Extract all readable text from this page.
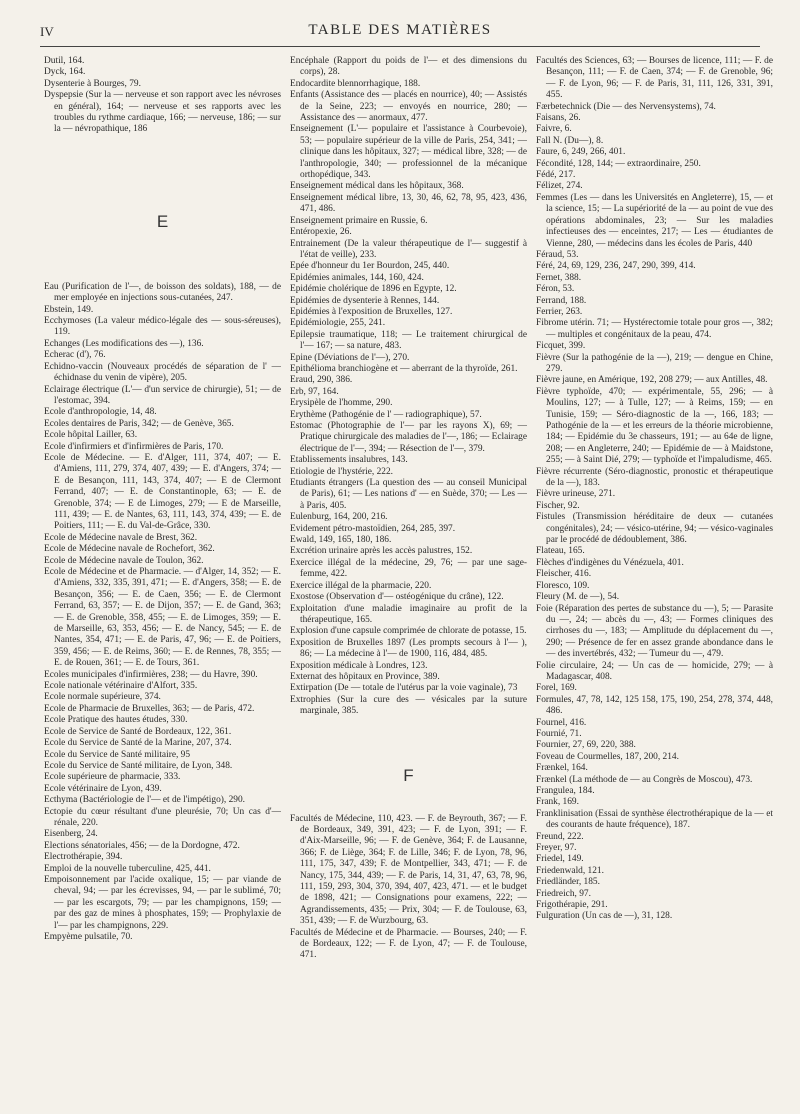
IV	TABLE DES MATIÈRES

Dutil, 164.

Dyck, 164.

Dysenterie à Bourges, 79.

Dyspepsie (Sur la — nerveuse et son rapport avec les névroses en général), 164; — nerveuse et ses rapports avec les troubles du rythme cardiaque, 166; — nerveuse, 186; — sur la — névropathique, 186

E

Eau (Purification de l'—, de boisson des soldats), 188, — de mer employée en injections sous-cutanées, 247.

Ebstein, 149.

Ecchymoses (La valeur médico-légale des — sous-séreuses), 119.

Echanges (Les modifications des —), 136.

Echerac (d'), 76.

Echidno-vaccin (Nouveaux procédés de séparation de l' — échidnase du venin de vipère), 205.

Eclairage électrique (L'— d'un service de chirurgie), 51; — de l'estomac, 394.

Ecole d'anthropologie, 14, 48.

Ecoles dentaires de Paris, 342; — de Genève, 365.

Ecole hôpital Lailler, 63.

Ecole d'infirmiers et d'infirmières de Paris, 170.

Ecole de Médecine. — E. d'Alger, 111, 374, 407; — E. d'Amiens, 111, 279, 374, 407, 439; — E. d'Angers, 374; — E de Besançon, 111, 143, 374, 407; — E de Clermont Ferrand, 407; — E. de Constantinople, 63; — E. de Grenoble, 374; — E de Limoges, 279; — E de Marseille, 111, 439; — E. de Nantes, 63, 111, 143, 374, 439; — E. de Poitiers, 111; — E. du Val-de-Grâce, 330.

Ecole de Médecine navale de Brest, 362.

Ecole de Médecine navale de Rochefort, 362.

Ecole de Médecine navale de Toulon, 362.

Ecole de Médecine et de Pharmacie. — d'Alger, 14, 352; — E. d'Amiens, 332, 335, 391, 471; — E. d'Angers, 358; — E. de Besançon, 356; — E. de Caen, 356; — E. de Clermont Ferrand, 63, 357; — E. de Dijon, 357; — E. de Gand, 363; — E. de Grenoble, 358, 455; — E. de Limoges, 359; — E. de Marseille, 63, 353, 456; — E. de Nancy, 545; — E. de Nantes, 354, 471; — E. de Paris, 47, 96; — E. de Poitiers, 359, 456; — E. de Reims, 360; — E. de Rennes, 78, 355; — E. de Rouen, 361; — E. de Tours, 361.

Ecoles municipales d'infirmières, 238; — du Havre, 390.

Ecole nationale vétérinaire d'Alfort, 335.

Ecole normale supérieure, 374.

Ecole de Pharmacie de Bruxelles, 363; — de Paris, 472.

Ecole Pratique des hautes études, 330.

Ecole de Service de Santé de Bordeaux, 122, 361.

Ecole du Service de Santé de la Marine, 207, 374.

Ecole du Service de Santé militaire, 95

Ecole du Service de Santé militaire, de Lyon, 348.

Ecole supérieure de pharmacie, 333.

Ecole vétérinaire de Lyon, 439.

Ecthyma (Bactériologie de l'— et de l'impétigo), 290.

Ectopie du cœur résultant d'une pleurésie, 70; Un cas d'— rénale, 220.

Eisenberg, 24.

Elections sénatoriales, 456; — de la Dordogne, 472.

Electrothérapie, 394.

Emploi de la nouvelle tuberculine, 425, 441.

Empoisonnement par l'acide oxalique, 15; — par viande de cheval, 94; — par les écrevisses, 94, — par le sublimé, 70; — par les escargots, 79; — par les champignons, 159; — par des gaz de mines à phosphates, 159; — Prophylaxie de l'— par les champignons, 229.

Empyème pulsatile, 70.

Encéphale (Rapport du poids de l'— et des dimensions du corps), 28.

Endocardite blennorrhagique, 188.

Enfants (Assistance des — placés en nourrice), 40; — Assistés de la Seine, 223; — envoyés en nourrice, 280; — Assistance des — anormaux, 477.

Enseignement (L'— populaire et l'assistance à Courbevoie), 53; — populaire supérieur de la ville de Paris, 254, 341; — clinique dans les hôpitaux, 327; — médical libre, 328; — de l'anthropologie, 340; — professionnel de la mécanique orthopédique, 343.

Enseignement médical dans les hôpitaux, 368.

Enseignement médical libre, 13, 30, 46, 62, 78, 95, 423, 436, 471, 486.

Enseignement primaire en Russie, 6.

Entéropexie, 26.

Entrainement (De la valeur thérapeutique de l'— suggestif à l'état de veille), 233.

Epée d'honneur du 1er Bourdon, 245, 440.

Epidémies animales, 144, 160, 424.

Epidémie cholérique de 1896 en Egypte, 12.

Epidémies de dysenterie à Rennes, 144.

Epidémies à l'exposition de Bruxelles, 127.

Epidémiologie, 255, 241.

Epilepsie traumatique, 118; — Le traitement chirurgical de l'— 167; — sa nature, 483.

Epine (Déviations de l'—), 270.

Epithélioma branchiogène et — aberrant de la thyroïde, 261.

Eraud, 290, 386.

Erb, 97, 164.

Erysipèle de l'homme, 290.

Erythème (Pathogénie de l' — radiographique), 57.

Estomac (Photographie de l'— par les rayons X), 69; — Pratique chirurgicale des maladies de l'—, 186; — Eclairage électrique de l'—, 394; — Résection de l'—, 379.

Etablissements insalubres, 143.

Etiologie de l'hystérie, 222.

Etudiants étrangers (La question des — au conseil Municipal de Paris), 61; — Les nations d' — en Suède, 370; — Les — à Paris, 405.

Eulenburg, 164, 200, 216.

Evidement pétro-mastoïdien, 264, 285, 397.

Ewald, 149, 165, 180, 186.

Excrétion urinaire après les accès palustres, 152.

Exercice illégal de la médecine, 29, 76; — par une sage-femme, 422.

Exercice illégal de la pharmacie, 220.

Exostose (Observation d'— ostéogénique du crâne), 122.

Exploitation d'une maladie imaginaire au profit de la thérapeutique, 165.

Explosion d'une capsule comprimée de chlorate de potasse, 15.

Exposition de Bruxelles 1897 (Les prompts secours à l'— ), 86; — La médecine à l'— de 1900, 116, 484, 485.

Exposition médicale à Londres, 123.

Externat des hôpitaux en Province, 389.

Extirpation (De — totale de l'utérus par la voie vaginale), 73

Extrophies (Sur la cure des — vésicales par la suture marginale, 385.

F

Facultés de Médecine, 110, 423. — F. de Beyrouth, 367; — F. de Bordeaux, 349, 391, 423; — F. de Lyon, 391; — F. d'Aix-Marseille, 96; — F. de Genève, 364; F. de Lausanne, 366; F. de Liège, 364; F. de Lille, 346; F. de Lyon, 78, 96, 111, 175, 347, 439; F. de Montpellier, 343, 471; — F. de Nancy, 175, 344, 439; — F. de Paris, 14, 31, 47, 63, 78, 96, 111, 159, 293, 304, 370, 394, 407, 423, 471. — et le budget de 1898, 421; — Consignations pour examens, 222; — Agrandissements, 435; — Prix, 304; — F. de Toulouse, 63, 351, 439; — F. de Wurzbourg, 63.

Facultés de Médecine et de Pharmacie. — Bourses, 240; — F. de Bordeaux, 122; — F. de Lyon, 47; — F. de Toulouse, 471.

Facultés des Sciences, 63; — Bourses de licence, 111; — F. de Besançon, 111; — F. de Caen, 374; — F. de Grenoble, 96; — F. de Lyon, 96; — F. de Paris, 31, 111, 126, 331, 391, 455.

Færbetechnick (Die — des Nervensystems), 74.

Faisans, 26.

Faivre, 6.

Fall N. (Du—), 8.

Faure, 6, 249, 266, 401.

Fécondité, 128, 144; — extraordinaire, 250.

Fédé, 217.

Félizet, 274.

Femmes (Les — dans les Universités en Angleterre), 15, — et la science, 15; — La supériorité de la — au point de vue des opérations abdominales, 23; — Sur les maladies infectieuses des — enceintes, 217; — Les — étudiantes de Vienne, 280, — médecins dans les écoles de Paris, 440

Féraud, 53.

Féré, 24, 69, 129, 236, 247, 290, 399, 414.

Fernet, 388.

Féron, 53.

Ferrand, 188.

Ferrier, 263.

Fibrome utérin. 71; — Hystérectomie totale pour gros —, 382; — multiples et congénitaux de la peau, 474.

Ficquet, 399.

Fièvre (Sur la pathogénie de la —), 219; — dengue en Chine, 279.

Fièvre jaune, en Amérique, 192, 208 279; — aux Antilles, 48.

Fièvre typhoïde, 470; — expérimentale, 55, 296; — à Moulins, 127; — à Tulle, 127; — à Reims, 159; — en Tunisie, 159; — Séro-diagnostic de la —, 166, 183; — Pathogénie de la — et les erreurs de la théorie microbienne, 184; — Epidémie du 3e chasseurs, 191; — au 64e de ligne, 208; — en Angleterre, 240; — Epidémie de — à Maidstone, 255; — à Saint Dié, 279; — typhoïde et l'impaludisme, 465.

Fièvre récurrente (Séro-diagnostic, pronostic et thérapeutique de la —), 183.

Fièvre urineuse, 271.

Fischer, 92.

Fistules (Transmission héréditaire de deux — cutanées congénitales), 24; — vésico-utérine, 94; — vésico-vaginales par le procédé de dédoublement, 386.

Flateau, 165.

Flèches d'indigènes du Vénézuela, 401.

Fleischer, 416.

Floresco, 109.

Fleury (M. de —), 54.

Foie (Réparation des pertes de substance du —), 5; — Parasite du —, 24; — abcès du —, 43; — Formes cliniques des cirrhoses du —, 183; — Amplitude du déplacement du —, 290; — Présence de fer en assez grande abondance dans le — des invertébrés, 432; — Tumeur du —, 479.

Folie circulaire, 24; — Un cas de — homicide, 279; — à Madagascar, 408.

Forel, 169.

Formules, 47, 78, 142, 125 158, 175, 190, 254, 278, 374, 448, 486.

Fournel, 416.

Fournié, 71.

Fournier, 27, 69, 220, 388.

Foveau de Courmelles, 187, 200, 214.

Frænkel, 164.

Frænkel (La méthode de — au Congrès de Moscou), 473.

Frangulea, 184.

Frank, 169.

Franklinisation (Essai de synthèse électrothérapique de la — et des courants de haute fréquence), 187.

Freund, 222.

Freyer, 97.

Friedel, 149.

Friedenwald, 121.

Friedländer, 185.

Friedreich, 97.

Frigothérapie, 291.

Fulguration (Un cas de —), 31, 128.
